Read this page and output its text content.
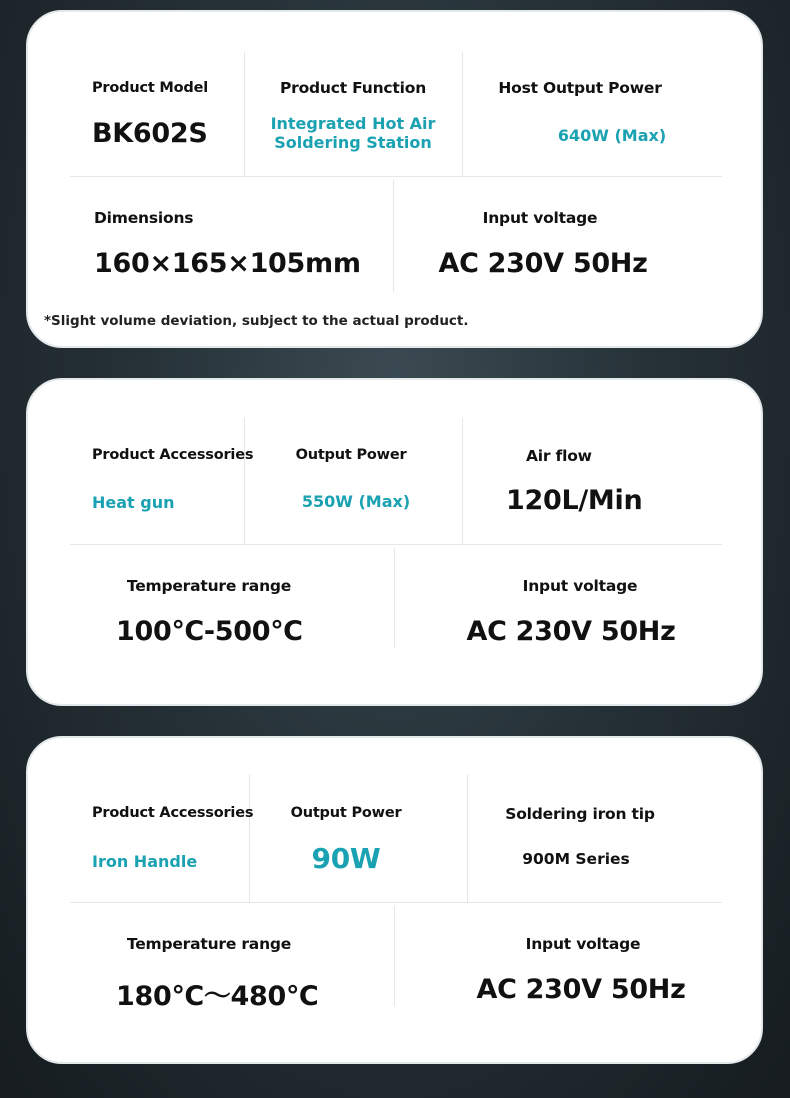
Product Model
BK602S
Product Function
Integrated Hot Air Soldering Station
Host Output Power
640W (Max)
Dimensions
160×165×105mm
Input voltage
AC 230V 50Hz
*Slight volume deviation, subject to the actual product.
Product Accessories
Heat gun
Output Power
550W (Max)
Air flow
120L/Min
Temperature range
100℃-500℃
Input voltage
AC 230V 50Hz
Product Accessories
Iron Handle
Output Power
90W
Soldering iron tip
900M Series
Temperature range
180℃～480℃
Input voltage
AC 230V 50Hz
